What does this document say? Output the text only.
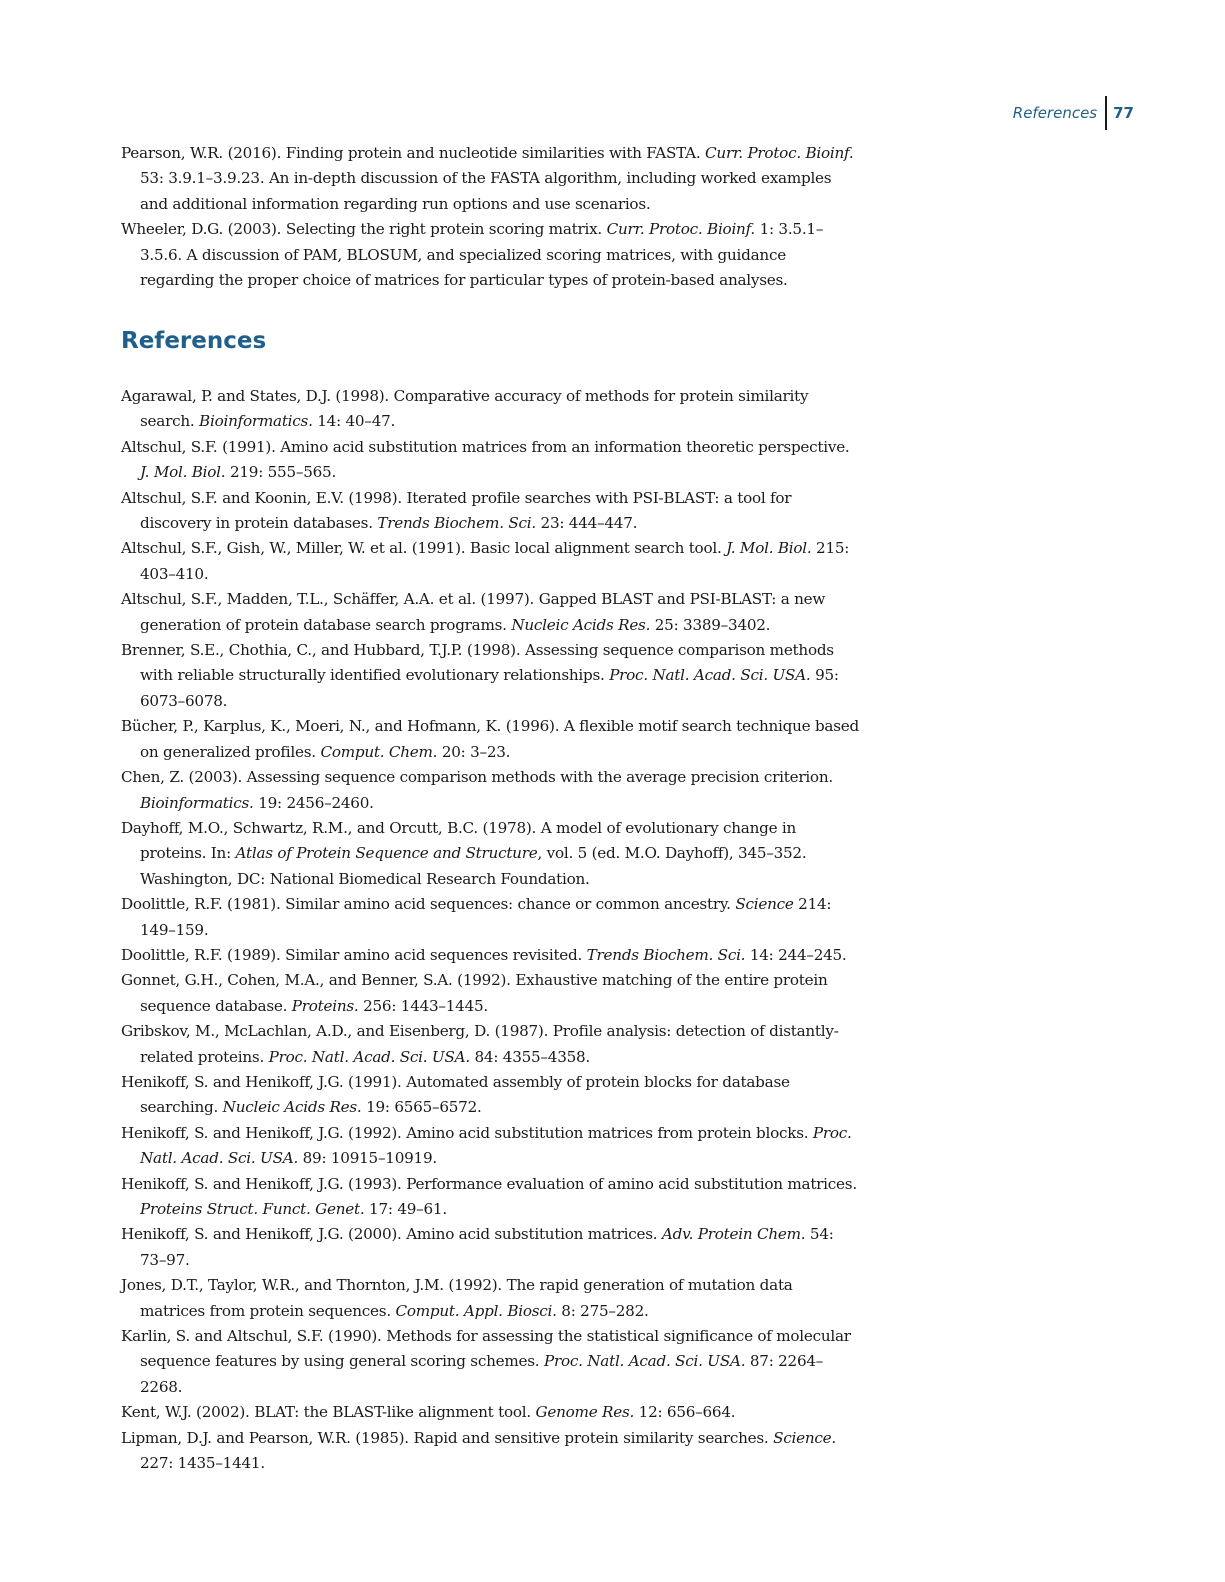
References	77

Pearson, W.R. (2016). Finding protein and nucleotide similarities with FASTA. Curr. Protoc. Bioinf. 53: 3.9.1–3.9.23. An in-depth discussion of the FASTA algorithm, including worked examples and additional information regarding run options and use scenarios.

Wheeler, D.G. (2003). Selecting the right protein scoring matrix. Curr. Protoc. Bioinf. 1: 3.5.1–3.5.6. A discussion of PAM, BLOSUM, and specialized scoring matrices, with guidance regarding the proper choice of matrices for particular types of protein-based analyses.

References

Agarawal, P. and States, D.J. (1998). Comparative accuracy of methods for protein similarity search. Bioinformatics. 14: 40–47.

Altschul, S.F. (1991). Amino acid substitution matrices from an information theoretic perspective. J. Mol. Biol. 219: 555–565.

Altschul, S.F. and Koonin, E.V. (1998). Iterated profile searches with PSI-BLAST: a tool for discovery in protein databases. Trends Biochem. Sci. 23: 444–447.

Altschul, S.F., Gish, W., Miller, W. et al. (1991). Basic local alignment search tool. J. Mol. Biol. 215: 403–410.

Altschul, S.F., Madden, T.L., Schäffer, A.A. et al. (1997). Gapped BLAST and PSI-BLAST: a new generation of protein database search programs. Nucleic Acids Res. 25: 3389–3402.

Brenner, S.E., Chothia, C., and Hubbard, T.J.P. (1998). Assessing sequence comparison methods with reliable structurally identified evolutionary relationships. Proc. Natl. Acad. Sci. USA. 95: 6073–6078.

Bücher, P., Karplus, K., Moeri, N., and Hofmann, K. (1996). A flexible motif search technique based on generalized profiles. Comput. Chem. 20: 3–23.

Chen, Z. (2003). Assessing sequence comparison methods with the average precision criterion. Bioinformatics. 19: 2456–2460.

Dayhoff, M.O., Schwartz, R.M., and Orcutt, B.C. (1978). A model of evolutionary change in proteins. In: Atlas of Protein Sequence and Structure, vol. 5 (ed. M.O. Dayhoff), 345–352. Washington, DC: National Biomedical Research Foundation.

Doolittle, R.F. (1981). Similar amino acid sequences: chance or common ancestry. Science 214: 149–159.

Doolittle, R.F. (1989). Similar amino acid sequences revisited. Trends Biochem. Sci. 14: 244–245.

Gonnet, G.H., Cohen, M.A., and Benner, S.A. (1992). Exhaustive matching of the entire protein sequence database. Proteins. 256: 1443–1445.

Gribskov, M., McLachlan, A.D., and Eisenberg, D. (1987). Profile analysis: detection of distantly-related proteins. Proc. Natl. Acad. Sci. USA. 84: 4355–4358.

Henikoff, S. and Henikoff, J.G. (1991). Automated assembly of protein blocks for database searching. Nucleic Acids Res. 19: 6565–6572.

Henikoff, S. and Henikoff, J.G. (1992). Amino acid substitution matrices from protein blocks. Proc. Natl. Acad. Sci. USA. 89: 10915–10919.

Henikoff, S. and Henikoff, J.G. (1993). Performance evaluation of amino acid substitution matrices. Proteins Struct. Funct. Genet. 17: 49–61.

Henikoff, S. and Henikoff, J.G. (2000). Amino acid substitution matrices. Adv. Protein Chem. 54: 73–97.

Jones, D.T., Taylor, W.R., and Thornton, J.M. (1992). The rapid generation of mutation data matrices from protein sequences. Comput. Appl. Biosci. 8: 275–282.

Karlin, S. and Altschul, S.F. (1990). Methods for assessing the statistical significance of molecular sequence features by using general scoring schemes. Proc. Natl. Acad. Sci. USA. 87: 2264–2268.

Kent, W.J. (2002). BLAT: the BLAST-like alignment tool. Genome Res. 12: 656–664.

Lipman, D.J. and Pearson, W.R. (1985). Rapid and sensitive protein similarity searches. Science. 227: 1435–1441.
